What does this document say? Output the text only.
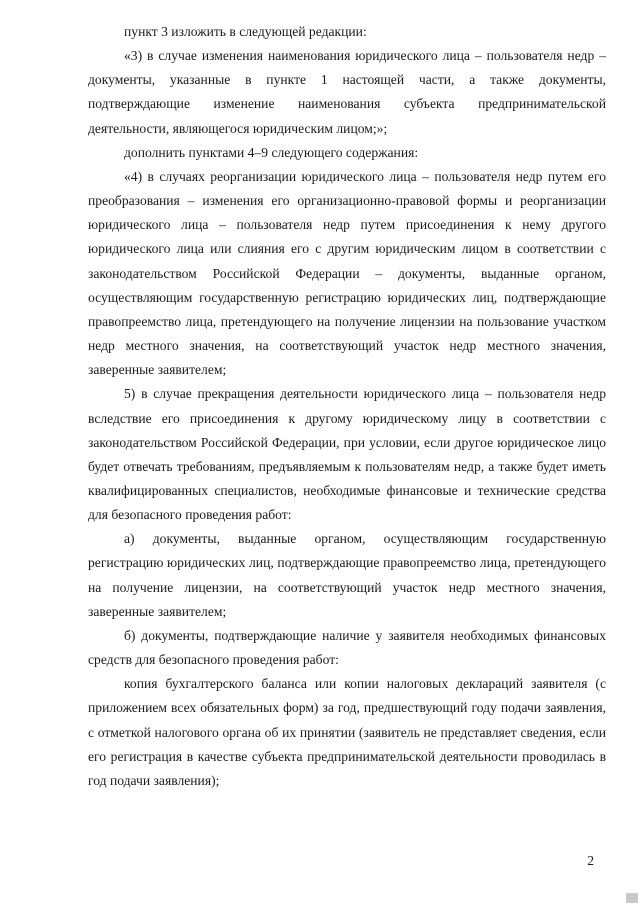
пункт 3 изложить в следующей редакции:

«3) в случае изменения наименования юридического лица – пользователя недр – документы, указанные в пункте 1 настоящей части, а также документы, подтверждающие изменение наименования субъекта предпринимательской деятельности, являющегося юридическим лицом;»;

дополнить пунктами 4–9 следующего содержания:

«4) в случаях реорганизации юридического лица – пользователя недр путем его преобразования – изменения его организационно-правовой формы и реорганизации юридического лица – пользователя недр путем присоединения к нему другого юридического лица или слияния его с другим юридическим лицом в соответствии с законодательством Российской Федерации – документы, выданные органом, осуществляющим государственную регистрацию юридических лиц, подтверждающие правопреемство лица, претендующего на получение лицензии на пользование участком недр местного значения, на соответствующий участок недр местного значения, заверенные заявителем;

5) в случае прекращения деятельности юридического лица – пользователя недр вследствие его присоединения к другому юридическому лицу в соответствии с законодательством Российской Федерации, при условии, если другое юридическое лицо будет отвечать требованиям, предъявляемым к пользователям недр, а также будет иметь квалифицированных специалистов, необходимые финансовые и технические средства для безопасного проведения работ:

а) документы, выданные органом, осуществляющим государственную регистрацию юридических лиц, подтверждающие правопреемство лица, претендующего на получение лицензии, на соответствующий участок недр местного значения, заверенные заявителем;

б) документы, подтверждающие наличие у заявителя необходимых финансовых средств для безопасного проведения работ:

копия бухгалтерского баланса или копии налоговых деклараций заявителя (с приложением всех обязательных форм) за год, предшествующий году подачи заявления, с отметкой налогового органа об их принятии (заявитель не представляет сведения, если его регистрация в качестве субъекта предпринимательской деятельности проводилась в год подачи заявления);

2
